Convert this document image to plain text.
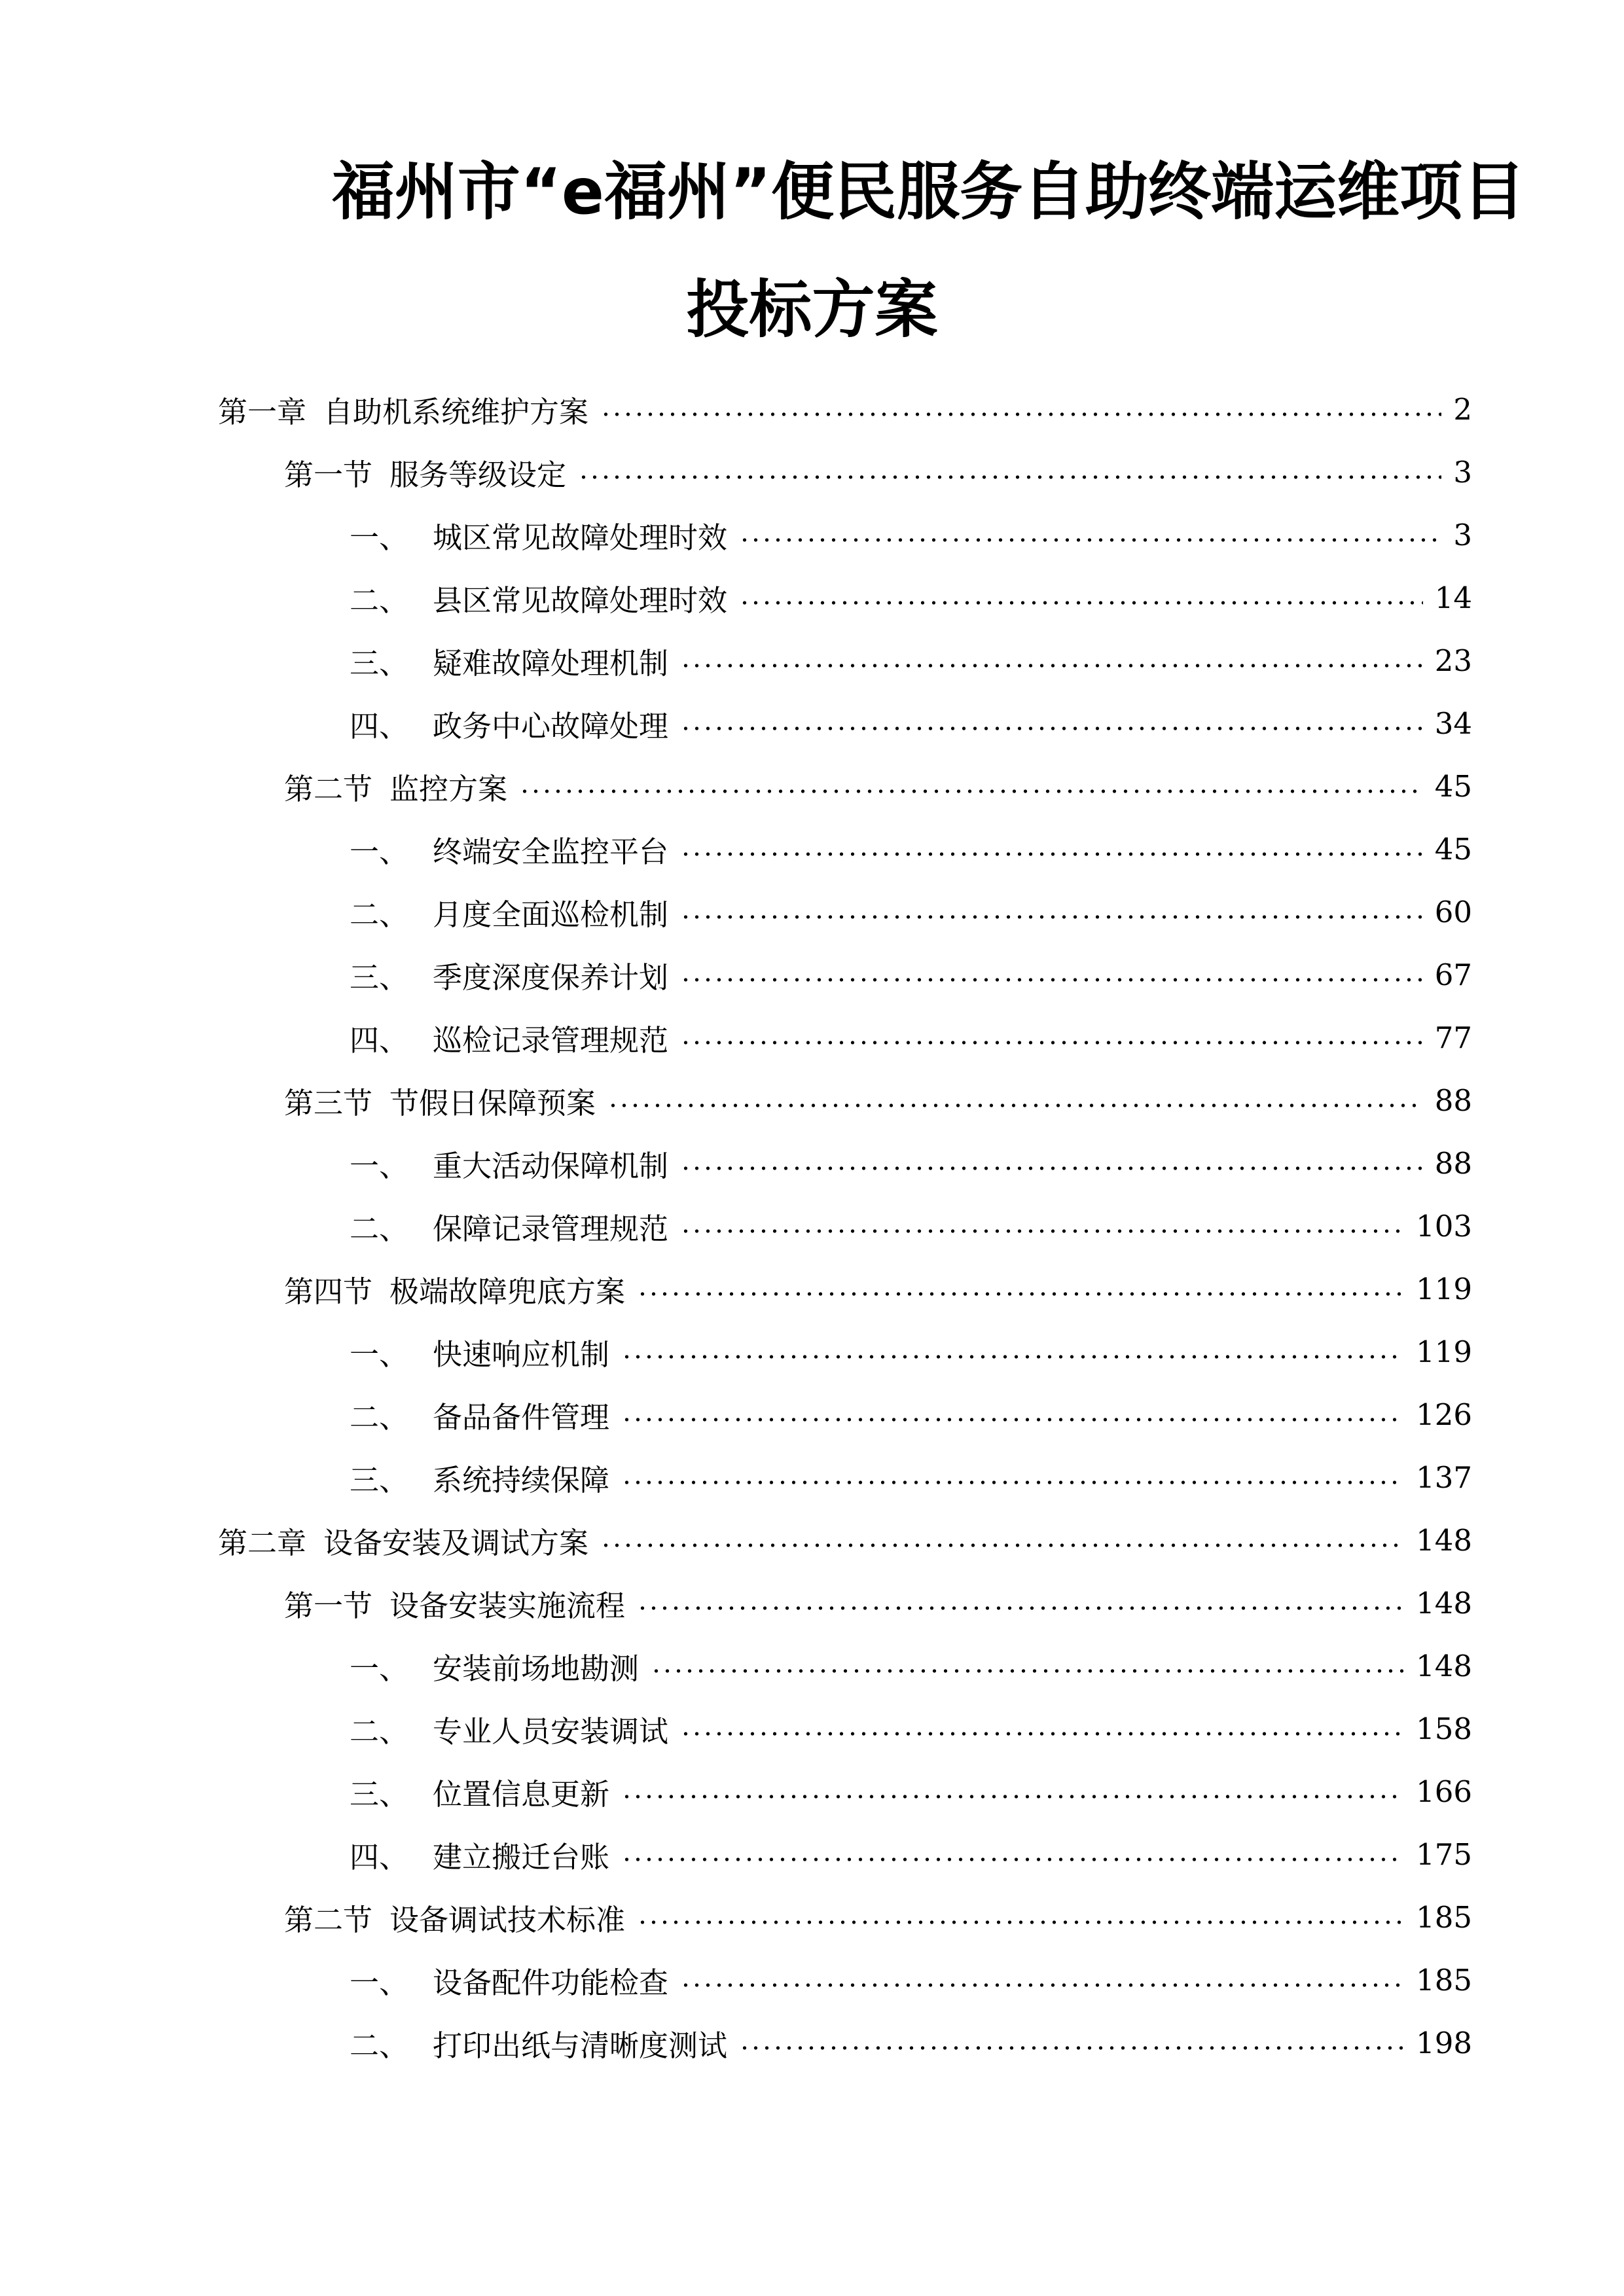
福州市“e福州”便民服务自助终端运维项目
投标方案
第一章 自助机系统维护方案	2
第一节 服务等级设定	3
一、 城区常见故障处理时效	3
二、 县区常见故障处理时效	14
三、 疑难故障处理机制	23
四、 政务中心故障处理	34
第二节 监控方案	45
一、 终端安全监控平台	45
二、 月度全面巡检机制	60
三、 季度深度保养计划	67
四、 巡检记录管理规范	77
第三节 节假日保障预案	88
一、 重大活动保障机制	88
二、 保障记录管理规范	103
第四节 极端故障兜底方案	119
一、 快速响应机制	119
二、 备品备件管理	126
三、 系统持续保障	137
第二章 设备安装及调试方案	148
第一节 设备安装实施流程	148
一、 安装前场地勘测	148
二、 专业人员安装调试	158
三、 位置信息更新	166
四、 建立搬迁台账	175
第二节 设备调试技术标准	185
一、 设备配件功能检查	185
二、 打印出纸与清晰度测试	198
